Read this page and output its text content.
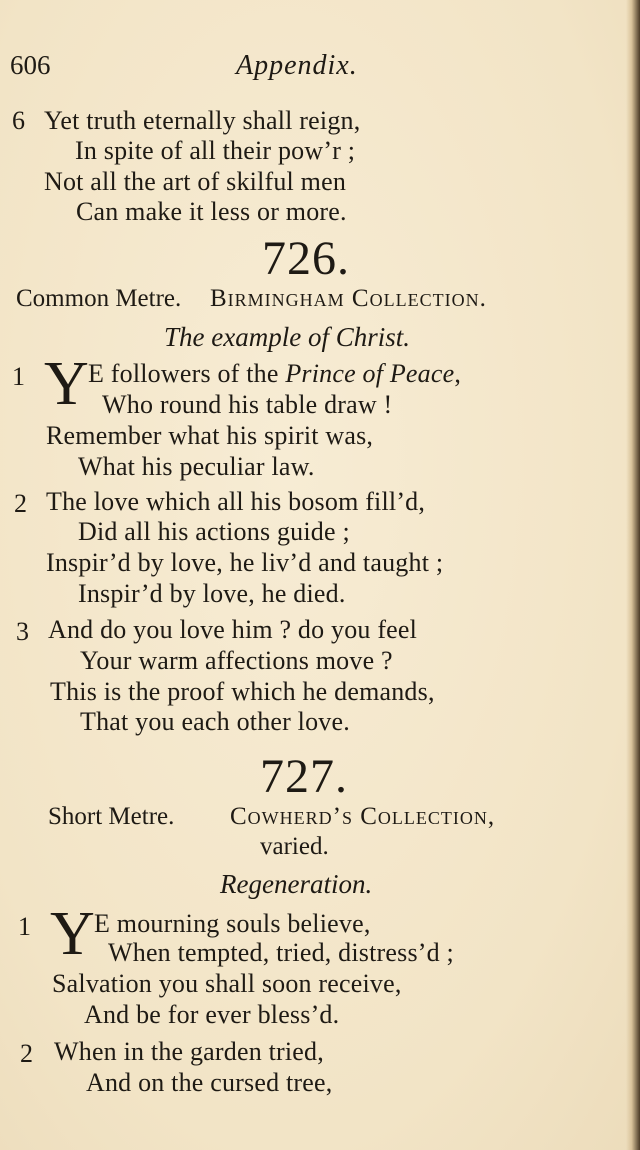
606	Appendix.
6 Yet truth eternally shall reign,
In spite of all their pow’r ;
Not all the art of skilful men
Can make it less or more.
726.
Common Metre. Birmingham Collection.
The example of Christ.
1 Y E followers of the Prince of Peace,
Who round his table draw !
Remember what his spirit was,
What his peculiar law.
2 The love which all his bosom fill’d,
Did all his actions guide ;
Inspir’d by love, he liv’d and taught ;
Inspir’d by love, he died.
3 And do you love him ? do you feel
Your warm affections move ?
This is the proof which he demands,
That you each other love.
727.
Short Metre. Cowherd’s Collection,
varied.
Regeneration.
1 Y E mourning souls believe,
When tempted, tried, distress’d ;
Salvation you shall soon receive,
And be for ever bless’d.
2 When in the garden tried,
And on the cursed tree,
